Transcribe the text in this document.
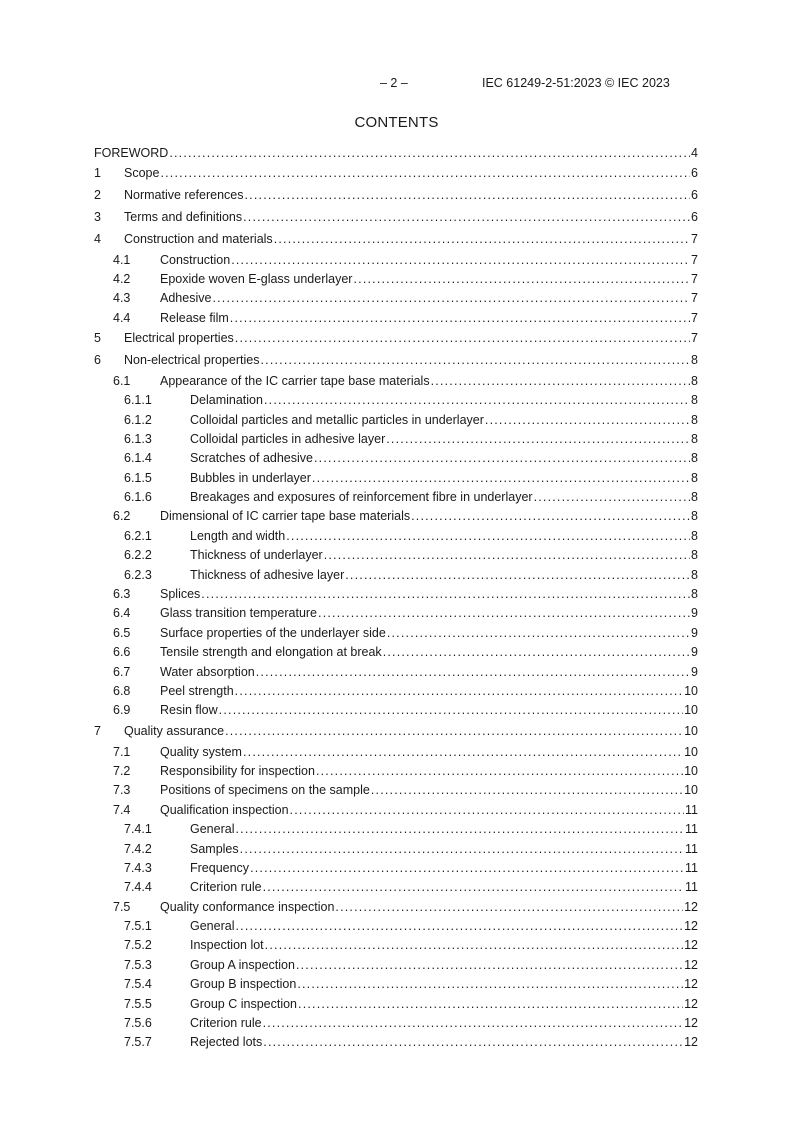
– 2 –	IEC 61249-2-51:2023 © IEC 2023
CONTENTS
FOREWORD .....	4
1 Scope .....	6
2 Normative references .....	6
3 Terms and definitions .....	6
4 Construction and materials .....	7
4.1 Construction .....	7
4.2 Epoxide woven E-glass underlayer .....	7
4.3 Adhesive .....	7
4.4 Release film .....	7
5 Electrical properties .....	7
6 Non-electrical properties .....	8
6.1 Appearance of the IC carrier tape base materials .....	8
6.1.1	Delamination .....	8
6.1.2	Colloidal particles and metallic particles in underlayer .....	8
6.1.3	Colloidal particles in adhesive layer .....	8
6.1.4	Scratches of adhesive .....	8
6.1.5	Bubbles in underlayer .....	8
6.1.6	Breakages and exposures of reinforcement fibre in underlayer .....	8
6.2 Dimensional of IC carrier tape base materials .....	8
6.2.1	Length and width .....	8
6.2.2	Thickness of underlayer .....	8
6.2.3	Thickness of adhesive layer .....	8
6.3 Splices .....	8
6.4 Glass transition temperature .....	9
6.5 Surface properties of the underlayer side .....	9
6.6 Tensile strength and elongation at break .....	9
6.7 Water absorption .....	9
6.8 Peel strength .....	10
6.9 Resin flow .....	10
7 Quality assurance .....	10
7.1 Quality system .....	10
7.2 Responsibility for inspection .....	10
7.3 Positions of specimens on the sample .....	10
7.4 Qualification inspection .....	11
7.4.1	General .....	11
7.4.2	Samples .....	11
7.4.3	Frequency .....	11
7.4.4	Criterion rule .....	11
7.5 Quality conformance inspection .....	12
7.5.1	General .....	12
7.5.2	Inspection lot .....	12
7.5.3	Group A inspection .....	12
7.5.4	Group B inspection .....	12
7.5.5	Group C inspection .....	12
7.5.6	Criterion rule .....	12
7.5.7	Rejected lots .....	12
